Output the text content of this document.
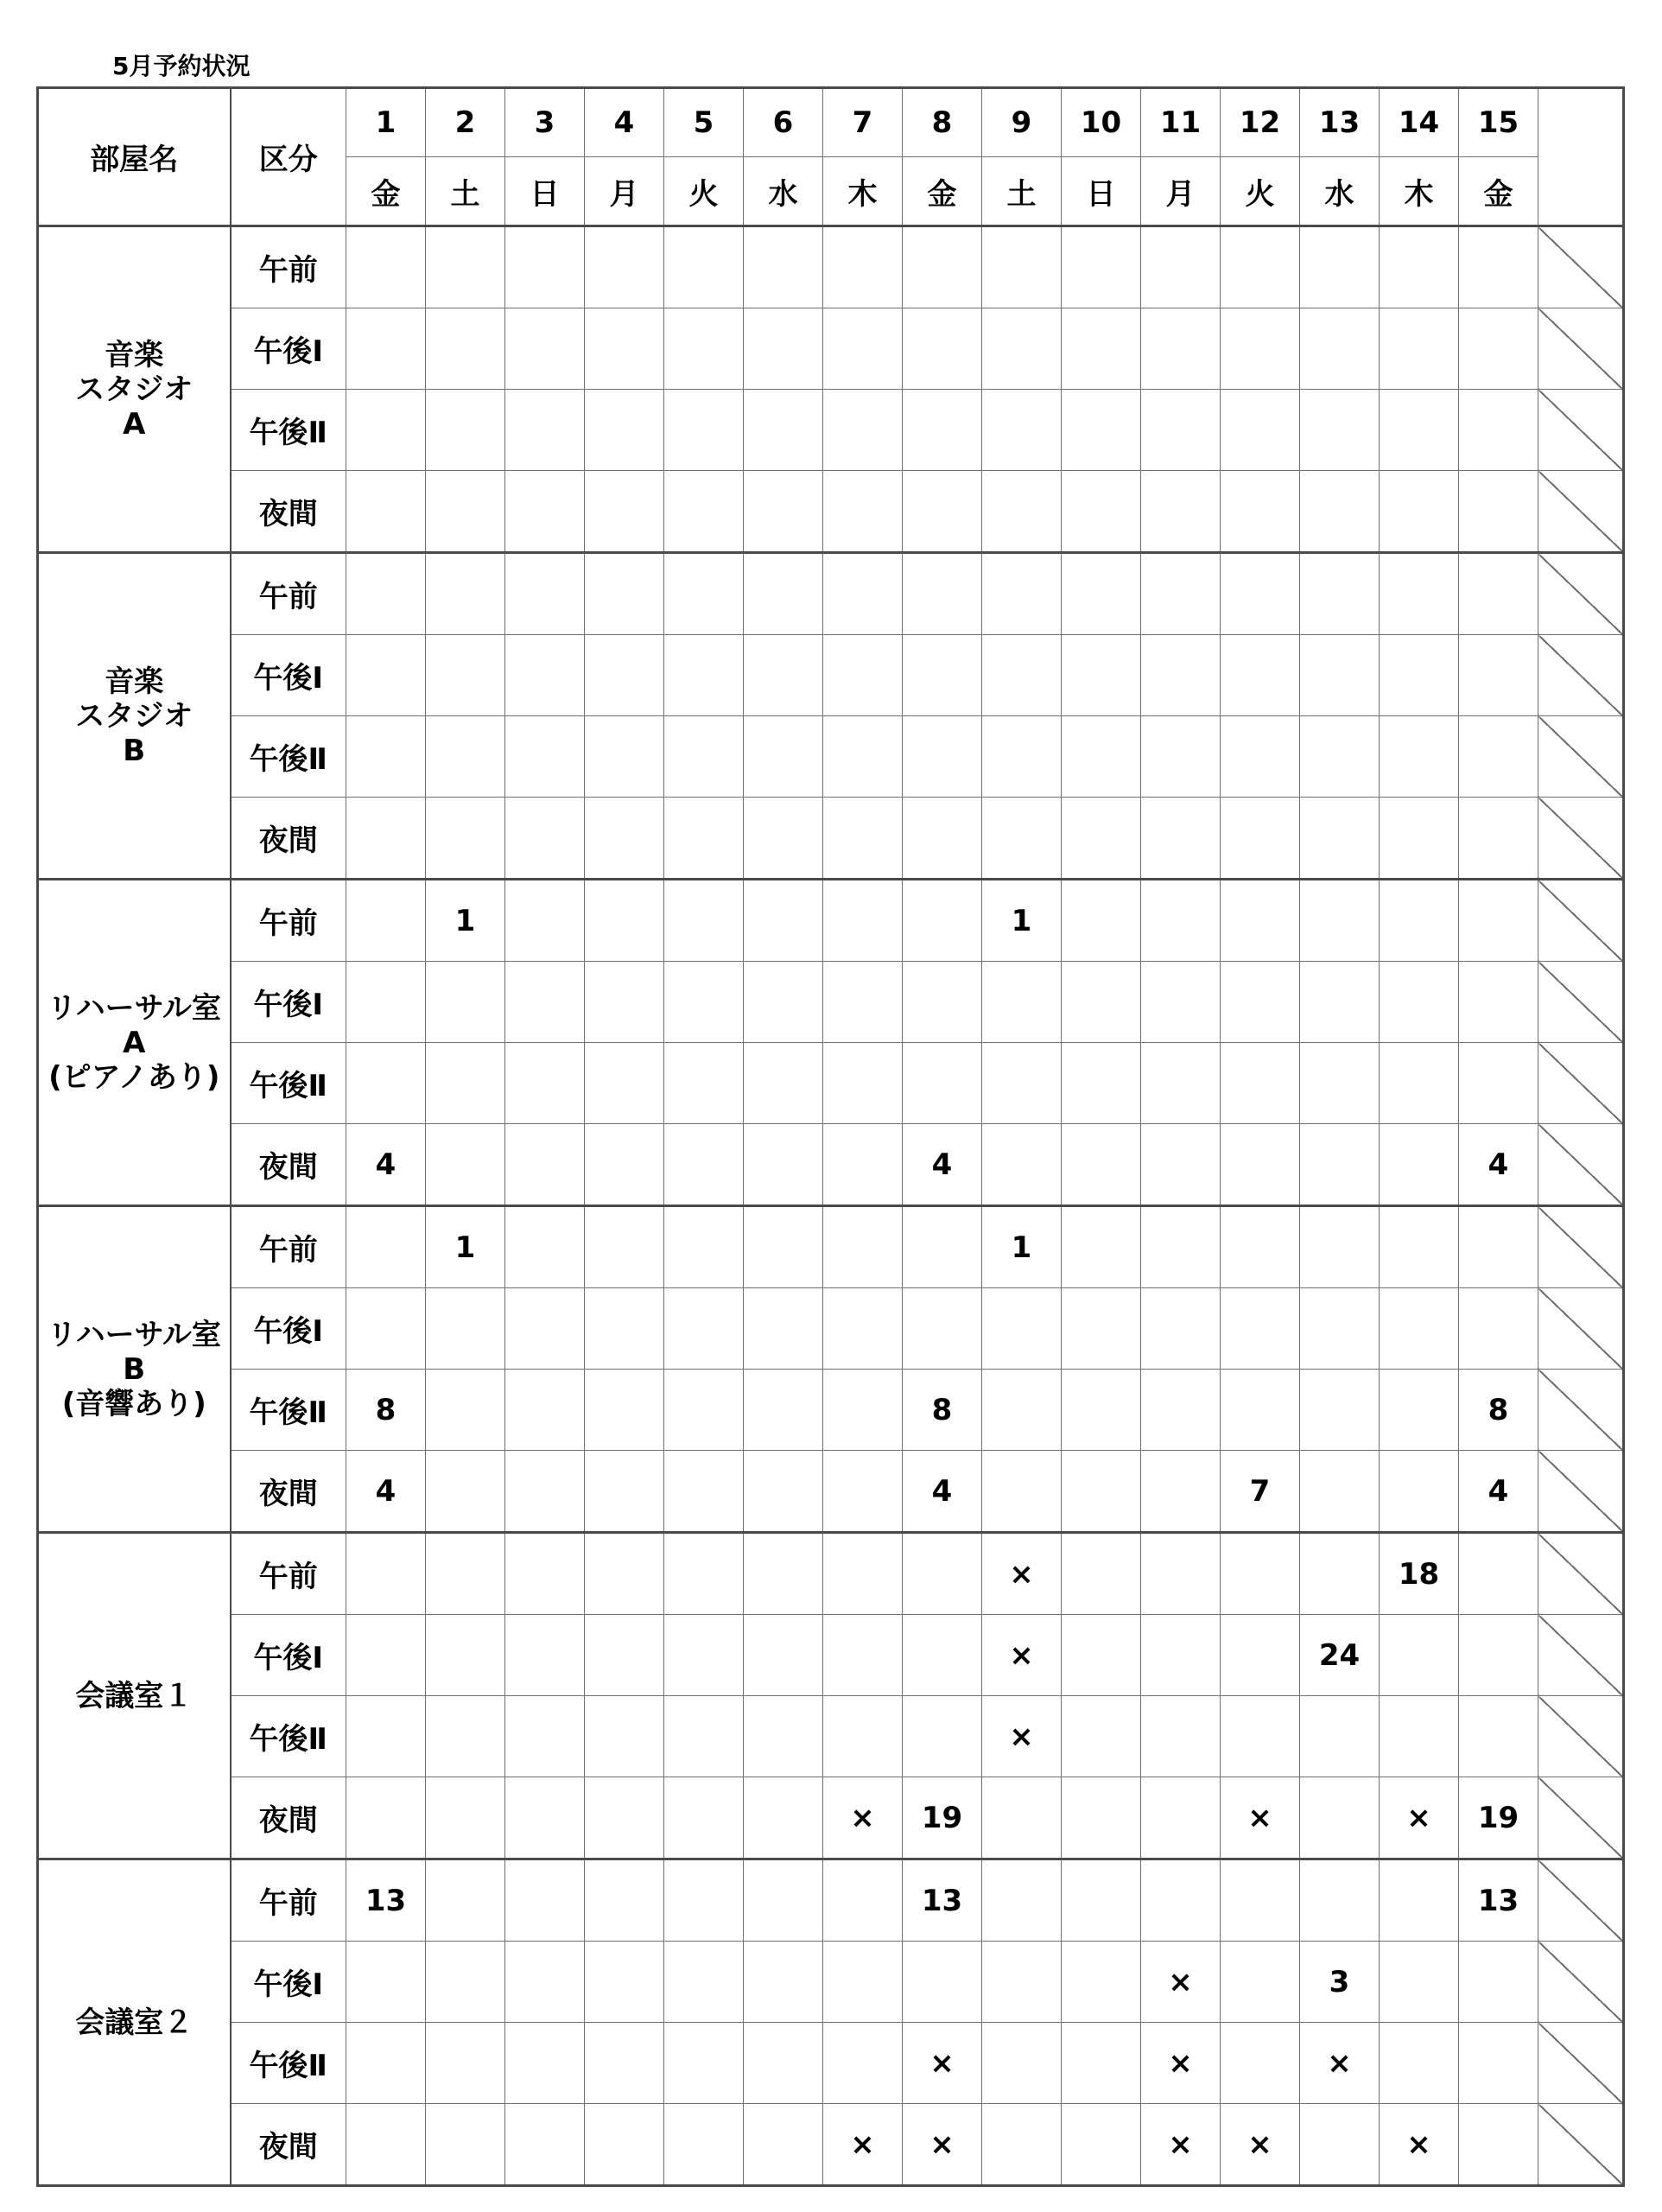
5月予約状況
部屋名	区分	1	2	3	4	5	6	7	8	9	10	11	12	13	14	15	
		金	土	日	月	火	水	木	金	土	日	月	火	水	木	金	
音楽
スタジオ
A	午前																
	午後Ⅰ																
	午後Ⅱ																
	夜間																
音楽
スタジオ
B	午前																
	午後Ⅰ																
	午後Ⅱ																
	夜間																
リハーサル室
A
(ピアノあり)	午前		1							1							
	午後Ⅰ																
	午後Ⅱ																
	夜間	4							4							4	
リハーサル室
B
(音響あり)	午前		1							1							
	午後Ⅰ																
	午後Ⅱ	8							8							8	
	夜間	4							4				7			4	
会議室１	午前									×					18		
	午後Ⅰ									×				24			
	午後Ⅱ									×							
	夜間							×	19				×		×	19	
会議室２	午前	13							13							13	
	午後Ⅰ											×		3			
	午後Ⅱ								×			×		×			
	夜間							×	×			×	×		×		
